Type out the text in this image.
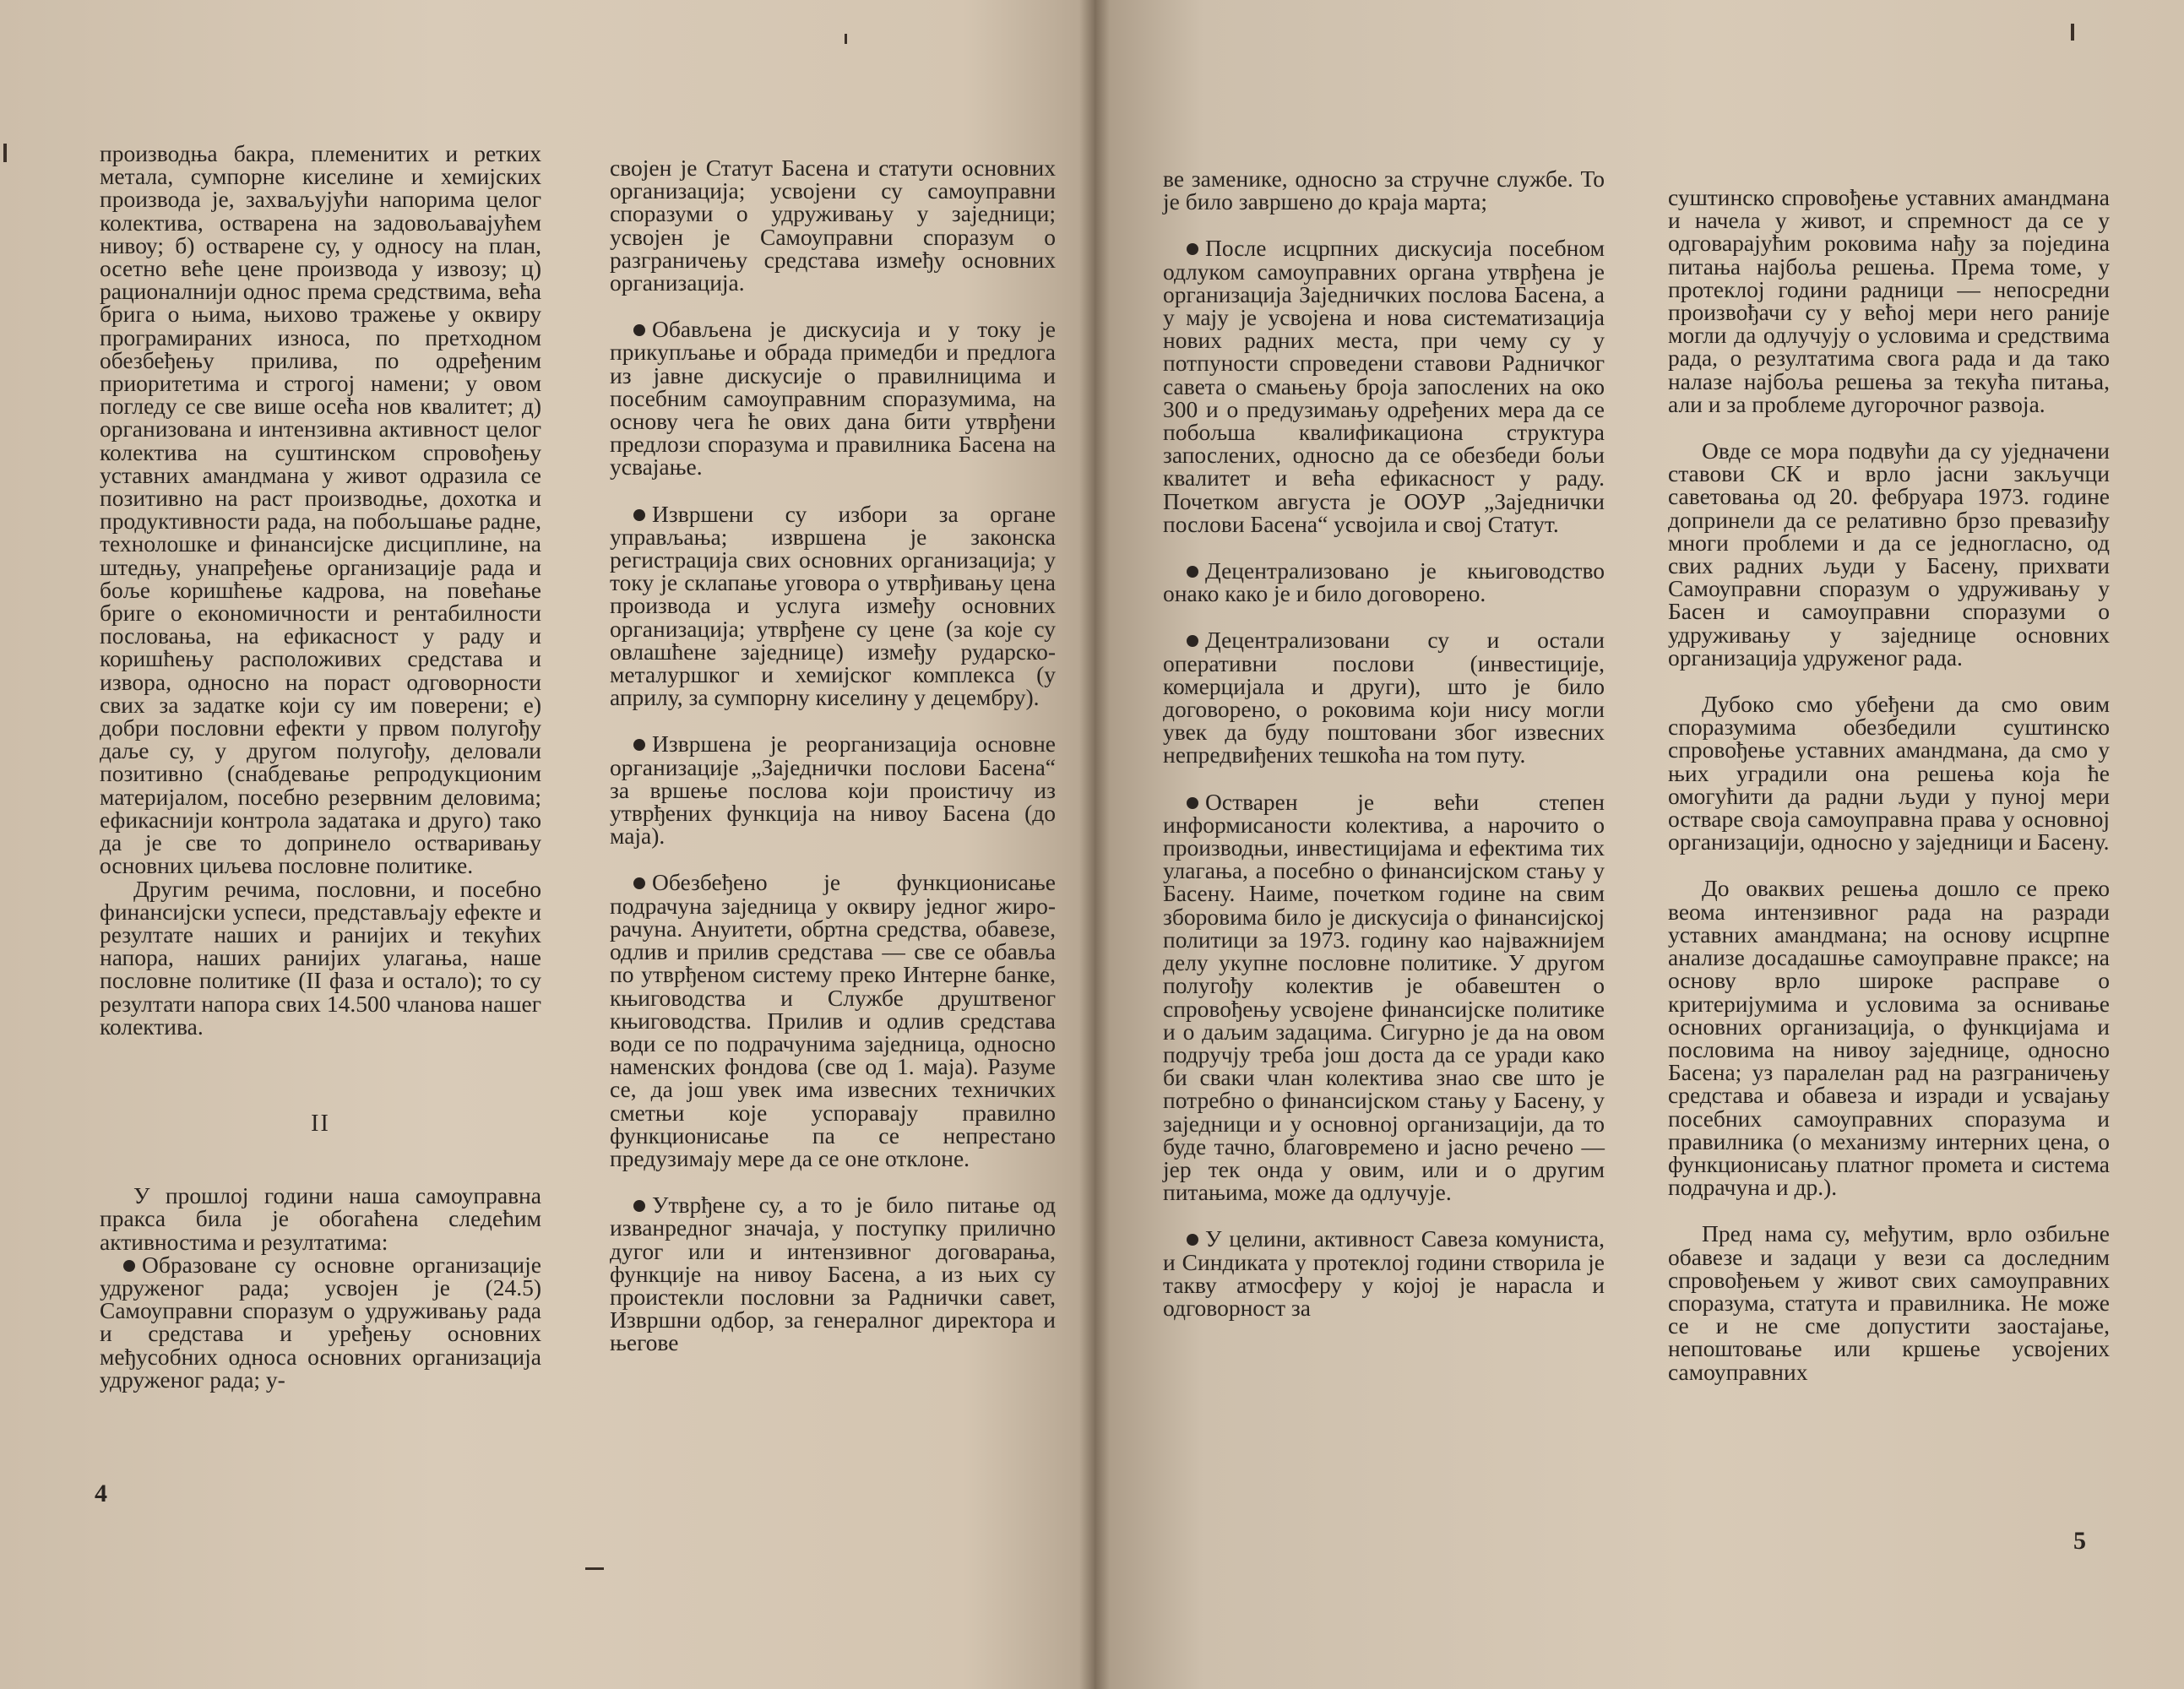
производња бакра, племенитих и ретких метала, сумпорне киселине и хемијских производа је, захваљујући напорима целог колектива, остварена на задовољавајућем нивоу; б) остварене су, у односу на план, осетно веће цене производа у извозу; ц) рационалнији однос према средствима, већа брига о њима, њихово тражење у оквиру програмираних износа, по претходном обезбеђењу прилива, по одређеним приоритетима и строгој намени; у овом погледу се све више осећа нов квалитет; д) организована и интензивна активност целог колектива на суштинском спровођењу уставних амандмана у живот одразила се позитивно на раст производње, дохотка и продуктивности рада, на побољшање радне, технолошке и финансијске дисциплине, на штедњу, унапређење организације рада и боље коришћење кадрова, на повећање бриге о економичности и рентабилности пословања, на ефикасност у раду и коришћењу расположивих средстава и извора, односно на пораст одговорности свих за задатке који су им поверени; е) добри пословни ефекти у првом полугођу даље су, у другом полугођу, деловали позитивно (снабдевање репродукционим материјалом, посебно резервним деловима; ефикаснији контрола задатака и друго) тако да је све то допринело остваривању основних циљева пословне политике.

Другим речима, пословни, и посебно финансијски успеси, представљају ефекте и резултате наших и ранијих и текућих напора, наших ранијих улагања, наше пословне политике (II фаза и остало); то су резултати напора свих 14.500 чланова нашег колектива.

II

У прошлој години наша самоуправна пракса била је обогаћена следећим активностима и резултатима:

Образоване су основне организације удруженог рада; усвојен је (24.5) Самоуправни споразум о удруживању рада и средстава и уређењу основних међусобних односа основних организација удруженог рада; у-

својен је Статут Басена и статути основних организација; усвојени су самоуправни споразуми о удруживању у заједници; усвојен је Самоуправни споразум о разграничењу средстава између основних организација.

Обављена је дискусија и у току је прикупљање и обрада примедби и предлога из јавне дискусије о правилницима и посебним самоуправним споразумима, на основу чега ће ових дана бити утврђени предлози споразума и правилника Басена на усвајање.

Извршени су избори за органе управљања; извршена је законска регистрација свих основних организација; у току је склапање уговора о утврђивању цена производа и услуга између основних организација; утврђене су цене (за које су овлашћене заједнице) између рударско-металуршког и хемијског комплекса (у априлу, за сумпорну киселину у децембру).

Извршена је реорганизација основне организације „Заједнички послови Басена“ за вршење послова који проистичу из утврђених функција на нивоу Басена (до маја).

Обезбеђено је функционисање подрачуна заједница у оквиру једног жиро-рачуна. Ануитети, обртна средства, обавезе, одлив и прилив средстава — све се обавља по утврђеном систему преко Интерне банке, књиговодства и Службе друштвеног књиговодства. Прилив и одлив средстава води се по подрачунима заједница, односно наменских фондова (све од 1. маја). Разуме се, да још увек има извесних техничких сметњи које успоравају правилно функционисање па се непрестано предузимају мере да се оне отклоне.

Утврђене су, а то је било питање од изванредног значаја, у поступку прилично дугог или и интензивног договарања, функције на нивоу Басена, а из њих су проистекли пословни за Раднички савет, Извршни одбор, за генералног директора и његове

ве заменике, односно за стручне службе. То је било завршено до краја марта;

После исцрпних дискусија посебном одлуком самоуправних органа утврђена је организација Заједничких послова Басена, а у мају је усвојена и нова систематизација нових радних места, при чему су у потпуности спроведени ставови Радничког савета о смањењу броја запослених на око 300 и о предузимању одређених мера да се побољша квалификациона структура запослених, односно да се обезбеди бољи квалитет и већа ефикасност у раду. Почетком августа је ООУР „Заједнички послови Басена“ усвојила и свој Статут.

Децентрализовано је књиговодство онако како је и било договорено.

Децентрализовани су и остали оперативни послови (инвестиције, комерцијала и други), што је било договорено, о роковима који нису могли увек да буду поштовани због извесних непредвиђених тешкоћа на том путу.

Остварен је већи степен информисаности колектива, а нарочито о производњи, инвестицијама и ефектима тих улагања, а посебно о финансијском стању у Басену. Наиме, почетком године на свим зборовима било је дискусија о финансијској политици за 1973. годину као најважнијем делу укупне пословне политике. У другом полугођу колектив је обавештен о спровођењу усвојене финансијске политике и о даљим задацима. Сигурно је да на овом подручју треба још доста да се уради како би сваки члан колектива знао све што је потребно о финансијском стању у Басену, у заједници и у основној организацији, да то буде тачно, благовремено и јасно речено — јер тек онда у овим, или и о другим питањима, може да одлучује.

У целини, активност Савеза комуниста, и Синдиката у протеклој години створила је такву атмосферу у којој је нарасла и одговорност за

суштинско спровођење уставних амандмана и начела у живот, и спремност да се у одговарајућим роковима нађу за поједина питања најбоља решења. Према томе, у протеклој години радници — непосредни произвођачи су у већој мери него раније могли да одлучују о условима и средствима рада, о резултатима свога рада и да тако налазе најбоља решења за текућа питања, али и за проблеме дугорочног развоја.

Овде се мора подвући да су уједначени ставови СК и врло јасни закључци саветовања од 20. фебруара 1973. године допринели да се релативно брзо превазиђу многи проблеми и да се једногласно, од свих радних људи у Басену, прихвати Самоуправни споразум о удруживању у Басен и самоуправни споразуми о удруживању у заједнице основних организација удруженог рада.

Дубоко смо убеђени да смо овим споразумима обезбедили суштинско спровођење уставних амандмана, да смо у њих уградили она решења која ће омогућити да радни људи у пуној мери остваре своја самоуправна права у основној организацији, односно у заједници и Басену.

До оваквих решења дошло се преко веома интензивног рада на разради уставних амандмана; на основу исцрпне анализе досадашње самоуправне праксе; на основу врло широке расправе о критеријумима и условима за оснивање основних организација, о функцијама и пословима на нивоу заједнице, односно Басена; уз паралелан рад на разграничењу средстава и обавеза и изради и усвајању посебних самоуправних споразума и правилника (о механизму интерних цена, о функционисању платног промета и система подрачуна и др.).

Пред нама су, међутим, врло озбиљне обавезе и задаци у вези са доследним спровођењем у живот свих самоуправних споразума, статута и правилника. Не може се и не сме допустити заостајање, непоштовање или кршење усвојених самоуправних

4
5
